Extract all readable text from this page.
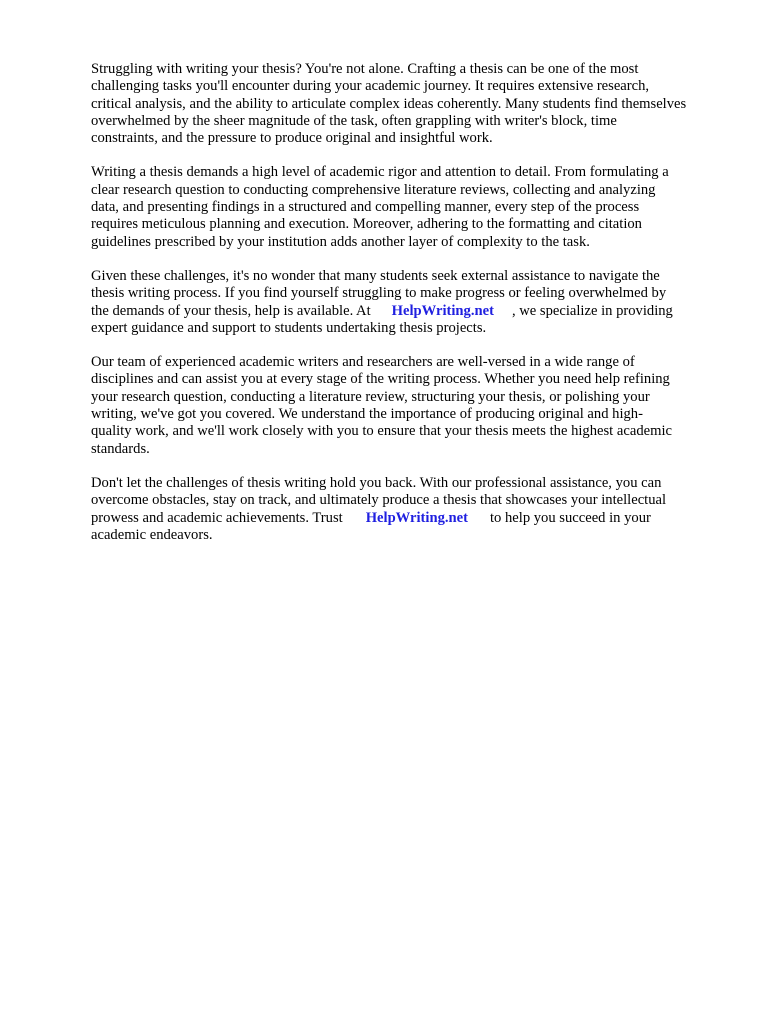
Struggling with writing your thesis? You're not alone. Crafting a thesis can be one of the most
challenging tasks you'll encounter during your academic journey. It requires extensive research,
critical analysis, and the ability to articulate complex ideas coherently. Many students find themselves
overwhelmed by the sheer magnitude of the task, often grappling with writer's block, time
constraints, and the pressure to produce original and insightful work.

Writing a thesis demands a high level of academic rigor and attention to detail. From formulating a
clear research question to conducting comprehensive literature reviews, collecting and analyzing
data, and presenting findings in a structured and compelling manner, every step of the process
requires meticulous planning and execution. Moreover, adhering to the formatting and citation
guidelines prescribed by your institution adds another layer of complexity to the task.

Given these challenges, it's no wonder that many students seek external assistance to navigate the
thesis writing process. If you find yourself struggling to make progress or feeling overwhelmed by
the demands of your thesis, help is available. At HelpWriting.net , we specialize in providing
expert guidance and support to students undertaking thesis projects.

Our team of experienced academic writers and researchers are well-versed in a wide range of
disciplines and can assist you at every stage of the writing process. Whether you need help refining
your research question, conducting a literature review, structuring your thesis, or polishing your
writing, we've got you covered. We understand the importance of producing original and high-
quality work, and we'll work closely with you to ensure that your thesis meets the highest academic
standards.

Don't let the challenges of thesis writing hold you back. With our professional assistance, you can
overcome obstacles, stay on track, and ultimately produce a thesis that showcases your intellectual
prowess and academic achievements. Trust HelpWriting.net to help you succeed in your
academic endeavors.
